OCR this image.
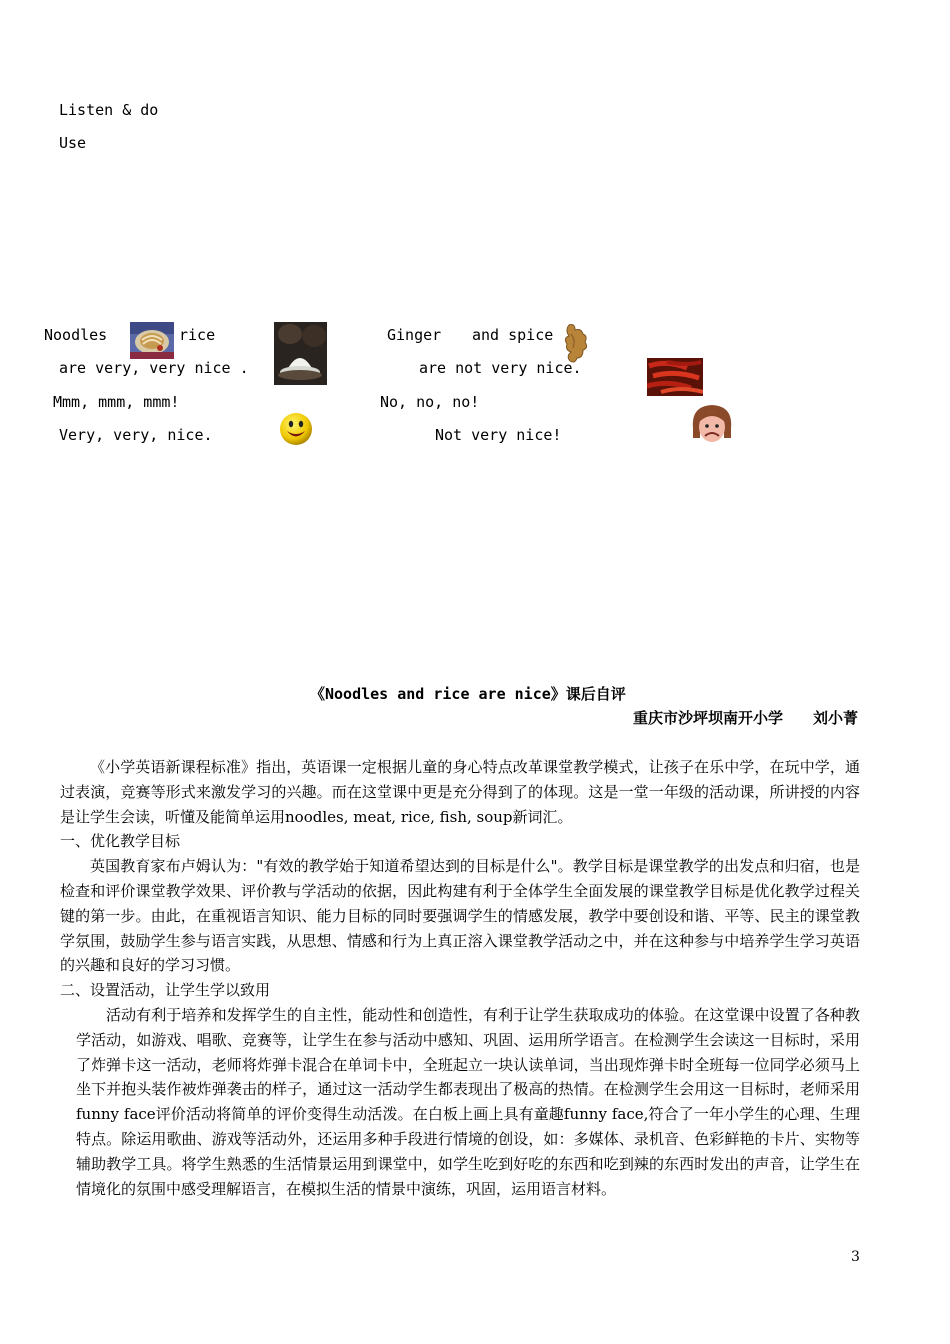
Listen & do
Use
Noodles	rice
are very, very nice .
Mmm, mmm, mmm!
Very, very, nice.
Ginger and spice
are not very nice.
No, no, no!
Not very nice!
《Noodles and rice are nice》课后自评
重庆市沙坪坝南开小学　　刘小菁

《小学英语新课程标准》指出，英语课一定根据儿童的身心特点改革课堂教学模式，让孩子在乐中学，在玩中学，通过表演，竞赛等形式来激发学习的兴趣。而在这堂课中更是充分得到了的体现。这是一堂一年级的活动课，所讲授的内容是让学生会读，听懂及能简单运用noodles, meat, rice, fish, soup新词汇。

一、优化教学目标

英国教育家布卢姆认为："有效的教学始于知道希望达到的目标是什么"。教学目标是课堂教学的出发点和归宿，也是检查和评价课堂教学效果、评价教与学活动的依据，因此构建有利于全体学生全面发展的课堂教学目标是优化教学过程关键的第一步。由此，在重视语言知识、能力目标的同时要强调学生的情感发展，教学中要创设和谐、平等、民主的课堂教学氛围，鼓励学生参与语言实践，从思想、情感和行为上真正溶入课堂教学活动之中，并在这种参与中培养学生学习英语的兴趣和良好的学习习惯。

二、设置活动，让学生学以致用

活动有利于培养和发挥学生的自主性，能动性和创造性，有利于让学生获取成功的体验。在这堂课中设置了各种教学活动，如游戏、唱歌、竞赛等，让学生在参与活动中感知、巩固、运用所学语言。在检测学生会读这一目标时，采用了炸弹卡这一活动，老师将炸弹卡混合在单词卡中，全班起立一块认读单词，当出现炸弹卡时全班每一位同学必须马上坐下并抱头装作被炸弹袭击的样子，通过这一活动学生都表现出了极高的热情。在检测学生会用这一目标时，老师采用funny face评价活动将简单的评价变得生动活泼。在白板上画上具有童趣funny face,符合了一年小学生的心理、生理特点。除运用歌曲、游戏等活动外，还运用多种手段进行情境的创设，如：多媒体、录机音、色彩鲜艳的卡片、实物等辅助教学工具。将学生熟悉的生活情景运用到课堂中，如学生吃到好吃的东西和吃到辣的东西时发出的声音，让学生在情境化的氛围中感受理解语言，在模拟生活的情景中演练，巩固，运用语言材料。

3
